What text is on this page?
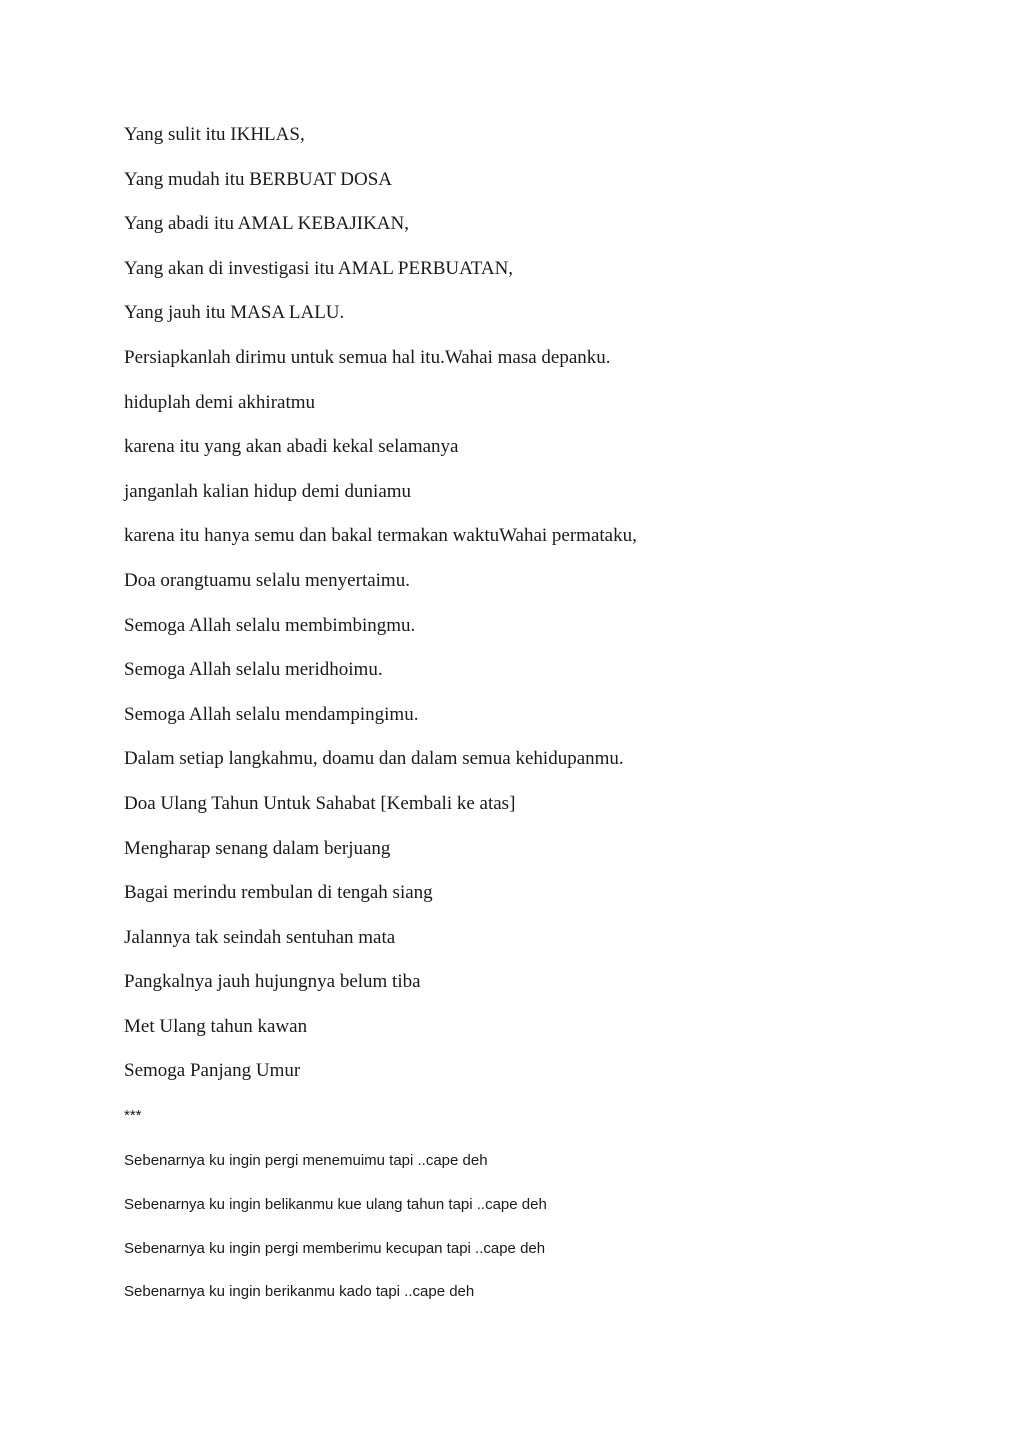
Yang sulit itu IKHLAS,
Yang mudah itu BERBUAT DOSA
Yang abadi itu AMAL KEBAJIKAN,
Yang akan di investigasi itu AMAL PERBUATAN,
Yang jauh itu MASA LALU.
Persiapkanlah dirimu untuk semua hal itu.Wahai masa depanku.
hiduplah demi akhiratmu
karena itu yang akan abadi kekal selamanya
janganlah kalian hidup demi duniamu
karena itu hanya semu dan bakal termakan waktuWahai permataku,
Doa orangtuamu selalu menyertaimu.
Semoga Allah selalu membimbingmu.
Semoga Allah selalu meridhoimu.
Semoga Allah selalu mendampingimu.
Dalam setiap langkahmu, doamu dan dalam semua kehidupanmu.
Doa Ulang Tahun Untuk Sahabat [Kembali ke atas]
Mengharap senang dalam berjuang
Bagai merindu rembulan di tengah siang
Jalannya tak seindah sentuhan mata
Pangkalnya jauh hujungnya belum tiba
Met Ulang tahun kawan
Semoga Panjang Umur
***
Sebenarnya ku ingin pergi menemuimu tapi ..cape deh
Sebenarnya ku ingin belikanmu kue ulang tahun tapi ..cape deh
Sebenarnya ku ingin pergi memberimu kecupan tapi ..cape deh
Sebenarnya ku ingin berikanmu kado tapi ..cape deh
